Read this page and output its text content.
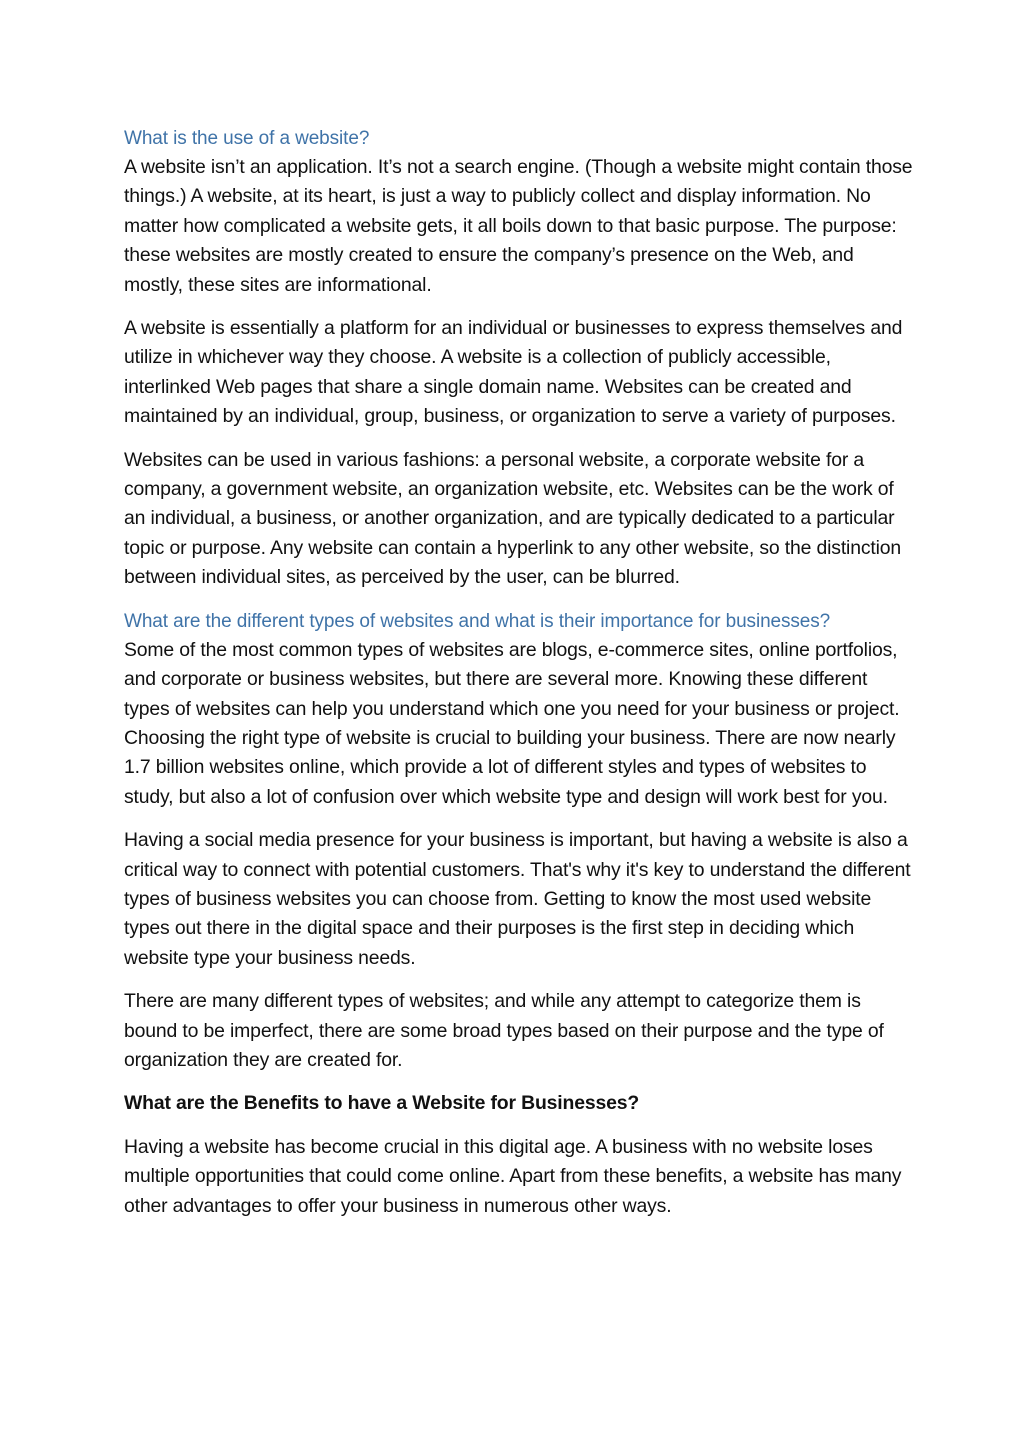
What is the use of a website?

A website isn’t an application. It’s not a search engine. (Though a website might contain those things.) A website, at its heart, is just a way to publicly collect and display information. No matter how complicated a website gets, it all boils down to that basic purpose. The purpose: these websites are mostly created to ensure the company’s presence on the Web, and mostly, these sites are informational.

A website is essentially a platform for an individual or businesses to express themselves and utilize in whichever way they choose. A website is a collection of publicly accessible, interlinked Web pages that share a single domain name. Websites can be created and maintained by an individual, group, business, or organization to serve a variety of purposes.

Websites can be used in various fashions: a personal website, a corporate website for a company, a government website, an organization website, etc. Websites can be the work of an individual, a business, or another organization, and are typically dedicated to a particular topic or purpose. Any website can contain a hyperlink to any other website, so the distinction between individual sites, as perceived by the user, can be blurred.

What are the different types of websites and what is their importance for businesses?

Some of the most common types of websites are blogs, e-commerce sites, online portfolios, and corporate or business websites, but there are several more. Knowing these different types of websites can help you understand which one you need for your business or project. Choosing the right type of website is crucial to building your business. There are now nearly 1.7 billion websites online, which provide a lot of different styles and types of websites to study, but also a lot of confusion over which website type and design will work best for you.

Having a social media presence for your business is important, but having a website is also a critical way to connect with potential customers. That's why it's key to understand the different types of business websites you can choose from. Getting to know the most used website types out there in the digital space and their purposes is the first step in deciding which website type your business needs.

There are many different types of websites; and while any attempt to categorize them is bound to be imperfect, there are some broad types based on their purpose and the type of organization they are created for.

What are the Benefits to have a Website for Businesses?

Having a website has become crucial in this digital age. A business with no website loses multiple opportunities that could come online. Apart from these benefits, a website has many other advantages to offer your business in numerous other ways.
